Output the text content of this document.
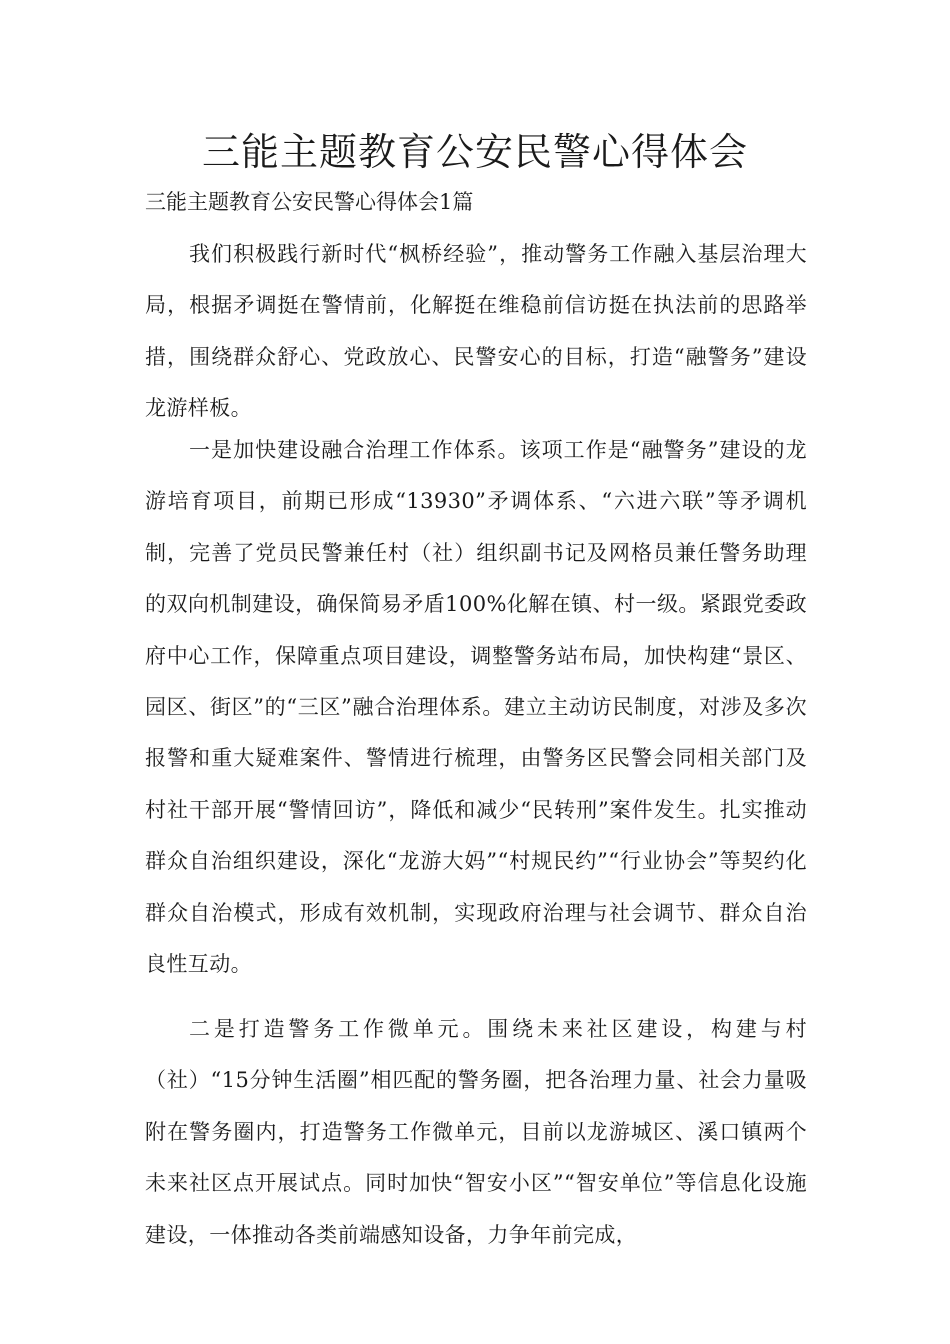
三能主题教育公安民警心得体会

三能主题教育公安民警心得体会1篇

我们积极践行新时代“枫桥经验”，推动警务工作融入基层治理大局，根据矛调挺在警情前，化解挺在维稳前信访挺在执法前的思路举措，围绕群众舒心、党政放心、民警安心的目标，打造“融警务”建设龙游样板。

一是加快建设融合治理工作体系。该项工作是“融警务”建设的龙游培育项目，前期已形成“13930”矛调体系、“六进六联”等矛调机制，完善了党员民警兼任村（社）组织副书记及网格员兼任警务助理的双向机制建设，确保简易矛盾100%化解在镇、村一级。紧跟党委政府中心工作，保障重点项目建设，调整警务站布局，加快构建“景区、园区、街区”的“三区”融合治理体系。建立主动访民制度，对涉及多次报警和重大疑难案件、警情进行梳理，由警务区民警会同相关部门及村社干部开展“警情回访”，降低和减少“民转刑”案件发生。扎实推动群众自治组织建设，深化“龙游大妈”“村规民约”“行业协会”等契约化群众自治模式，形成有效机制，实现政府治理与社会调节、群众自治良性互动。

二是打造警务工作微单元。围绕未来社区建设，构建与村（社）“15分钟生活圈”相匹配的警务圈，把各治理力量、社会力量吸附在警务圈内，打造警务工作微单元，目前以龙游城区、溪口镇两个未来社区点开展试点。同时加快“智安小区”“智安单位”等信息化设施建设，一体推动各类前端感知设备，力争年前完成，
